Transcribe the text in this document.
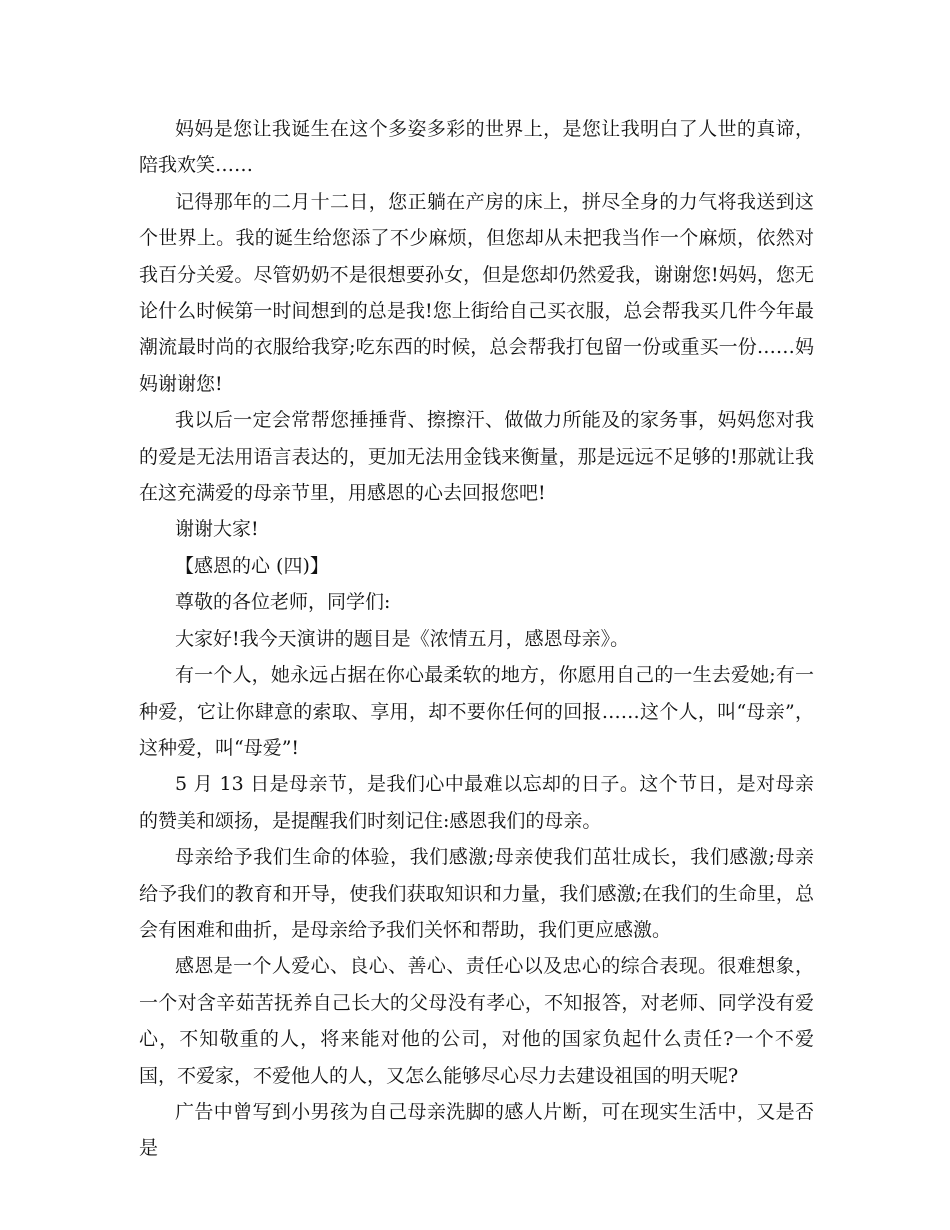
妈妈是您让我诞生在这个多姿多彩的世界上，是您让我明白了人世的真谛，陪我欢笑……

记得那年的二月十二日，您正躺在产房的床上，拼尽全身的力气将我送到这个世界上。我的诞生给您添了不少麻烦，但您却从未把我当作一个麻烦，依然对我百分关爱。尽管奶奶不是很想要孙女，但是您却仍然爱我，谢谢您!妈妈，您无论什么时候第一时间想到的总是我!您上街给自己买衣服，总会帮我买几件今年最潮流最时尚的衣服给我穿;吃东西的时候，总会帮我打包留一份或重买一份……妈妈谢谢您!

我以后一定会常帮您捶捶背、擦擦汗、做做力所能及的家务事，妈妈您对我的爱是无法用语言表达的，更加无法用金钱来衡量，那是远远不足够的!那就让我在这充满爱的母亲节里，用感恩的心去回报您吧!

谢谢大家!

【感恩的心 (四)】

尊敬的各位老师，同学们:

大家好!我今天演讲的题目是《浓情五月，感恩母亲》。

有一个人，她永远占据在你心最柔软的地方，你愿用自己的一生去爱她;有一种爱，它让你肆意的索取、享用，却不要你任何的回报……这个人，叫“母亲”，这种爱，叫“母爱”!

5 月 13 日是母亲节，是我们心中最难以忘却的日子。这个节日，是对母亲的赞美和颂扬，是提醒我们时刻记住:感恩我们的母亲。

母亲给予我们生命的体验，我们感激;母亲使我们茁壮成长，我们感激;母亲给予我们的教育和开导，使我们获取知识和力量，我们感激;在我们的生命里，总会有困难和曲折，是母亲给予我们关怀和帮助，我们更应感激。

感恩是一个人爱心、良心、善心、责任心以及忠心的综合表现。很难想象，一个对含辛茹苦抚养自己长大的父母没有孝心，不知报答，对老师、同学没有爱心，不知敬重的人，将来能对他的公司，对他的国家负起什么责任?一个不爱国，不爱家，不爱他人的人，又怎么能够尽心尽力去建设祖国的明天呢?

广告中曾写到小男孩为自己母亲洗脚的感人片断，可在现实生活中，又是否是
